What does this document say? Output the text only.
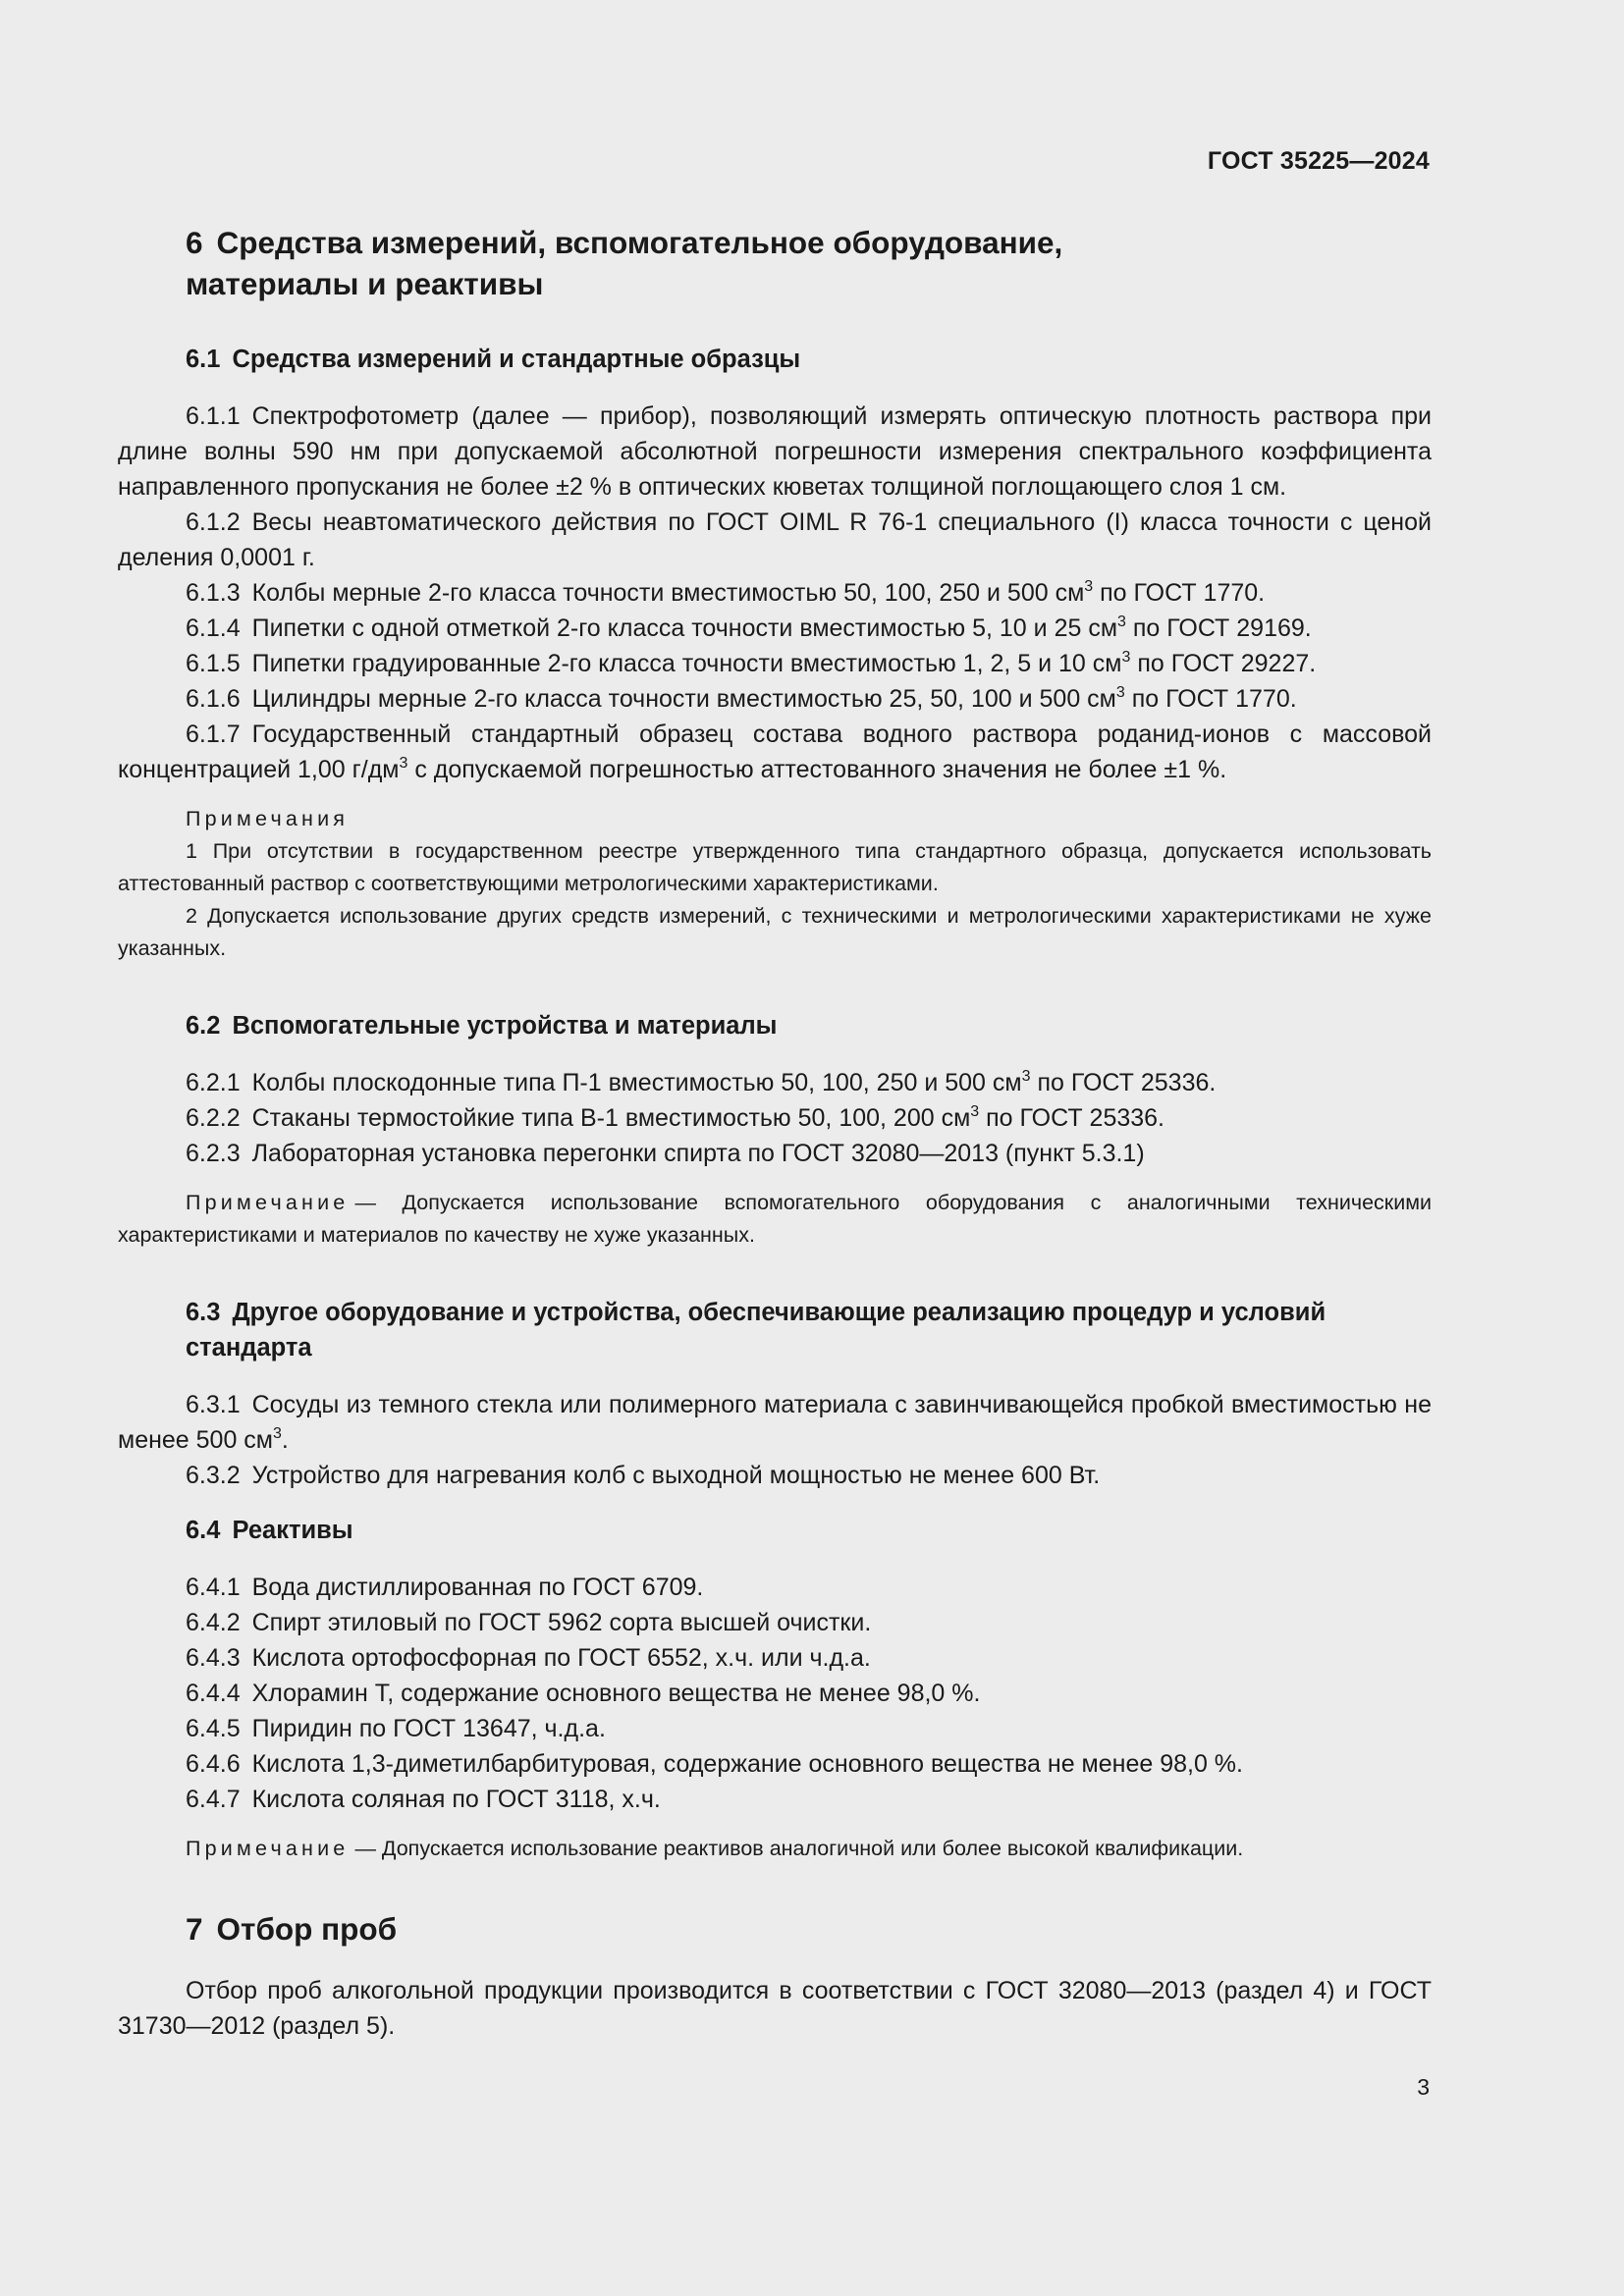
ГОСТ 35225—2024
6 Средства измерений, вспомогательное оборудование, материалы и реактивы
6.1 Средства измерений и стандартные образцы

6.1.1 Спектрофотометр (далее — прибор), позволяющий измерять оптическую плотность раствора при длине волны 590 нм при допускаемой абсолютной погрешности измерения спектрального коэффициента направленного пропускания не более ±2 % в оптических кюветах толщиной поглощающего слоя 1 см.

6.1.2 Весы неавтоматического действия по ГОСТ OIML R 76-1 специального (I) класса точности с ценой деления 0,0001 г.

6.1.3 Колбы мерные 2-го класса точности вместимостью 50, 100, 250 и 500 $см^3$ по ГОСТ 1770.

6.1.4 Пипетки с одной отметкой 2-го класса точности вместимостью 5, 10 и 25 $см^3$ по ГОСТ 29169.

6.1.5 Пипетки градуированные 2-го класса точности вместимостью 1, 2, 5 и 10 $см^3$ по ГОСТ 29227.

6.1.6 Цилиндры мерные 2-го класса точности вместимостью 25, 50, 100 и 500 $см^3$ по ГОСТ 1770.

6.1.7 Государственный стандартный образец состава водного раствора роданид-ионов с массовой концентрацией 1,00 $г/дм^3$ с допускаемой погрешностью аттестованного значения не более ±1 %.

Примечания

1 При отсутствии в государственном реестре утвержденного типа стандартного образца, допускается использовать аттестованный раствор с соответствующими метрологическими характеристиками.

2 Допускается использование других средств измерений, с техническими и метрологическими характеристиками не хуже указанных.

6.2 Вспомогательные устройства и материалы

6.2.1 Колбы плоскодонные типа П-1 вместимостью 50, 100, 250 и 500 $см^3$ по ГОСТ 25336.

6.2.2 Стаканы термостойкие типа В-1 вместимостью 50, 100, 200 $см^3$ по ГОСТ 25336.

6.2.3 Лабораторная установка перегонки спирта по ГОСТ 32080—2013 (пункт 5.3.1)

Примечание — Допускается использование вспомогательного оборудования с аналогичными техническими характеристиками и материалов по качеству не хуже указанных.

6.3 Другое оборудование и устройства, обеспечивающие реализацию процедур и условий стандарта

6.3.1 Сосуды из темного стекла или полимерного материала с завинчивающейся пробкой вместимостью не менее 500 $см^3$.

6.3.2 Устройство для нагревания колб с выходной мощностью не менее 600 Вт.

6.4 Реактивы

6.4.1 Вода дистиллированная по ГОСТ 6709.

6.4.2 Спирт этиловый по ГОСТ 5962 сорта высшей очистки.

6.4.3 Кислота ортофосфорная по ГОСТ 6552, х.ч. или ч.д.а.

6.4.4 Хлорамин Т, содержание основного вещества не менее 98,0 %.

6.4.5 Пиридин по ГОСТ 13647, ч.д.а.

6.4.6 Кислота 1,3-диметилбарбитуровая, содержание основного вещества не менее 98,0 %.

6.4.7 Кислота соляная по ГОСТ 3118, х.ч.

Примечание — Допускается использование реактивов аналогичной или более высокой квалификации.

7 Отбор проб

Отбор проб алкогольной продукции производится в соответствии с ГОСТ 32080—2013 (раздел 4) и ГОСТ 31730—2012 (раздел 5).

3
